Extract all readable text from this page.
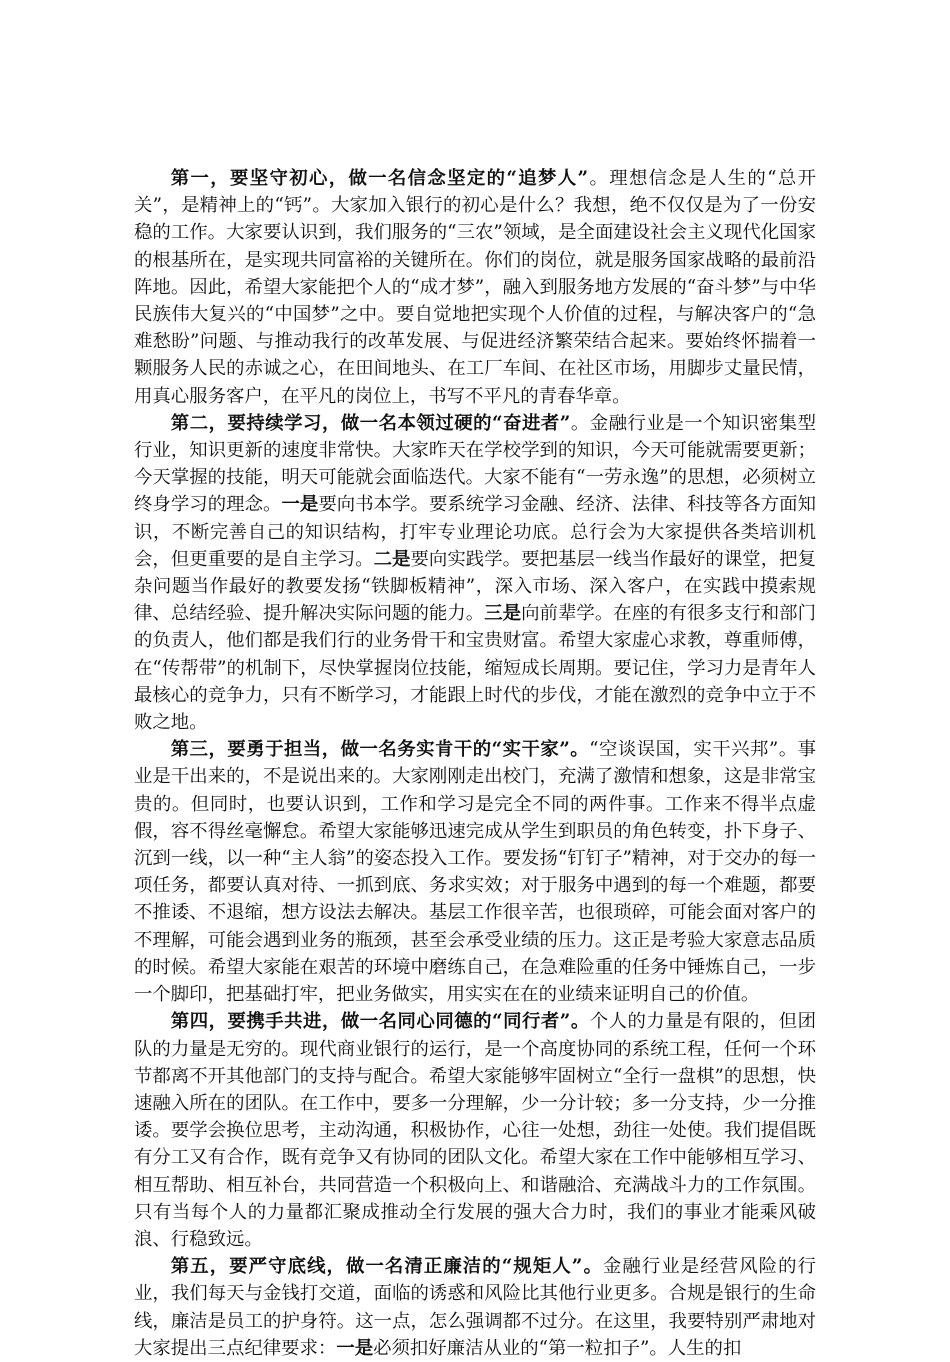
第一，要坚守初心，做一名信念坚定的“追梦人”。理想信念是人生的“总开关”，是精神上的“钙”。大家加入银行的初心是什么？我想，绝不仅仅是为了一份安稳的工作。大家要认识到，我们服务的“三农”领域，是全面建设社会主义现代化国家的根基所在，是实现共同富裕的关键所在。你们的岗位，就是服务国家战略的最前沿阵地。因此，希望大家能把个人的“成才梦”，融入到服务地方发展的“奋斗梦”与中华民族伟大复兴的“中国梦”之中。要自觉地把实现个人价值的过程，与解决客户的“急难愁盼”问题、与推动我行的改革发展、与促进经济繁荣结合起来。要始终怀揣着一颗服务人民的赤诚之心，在田间地头、在工厂车间、在社区市场，用脚步丈量民情，用真心服务客户，在平凡的岗位上，书写不平凡的青春华章。

第二，要持续学习，做一名本领过硬的“奋进者”。金融行业是一个知识密集型行业，知识更新的速度非常快。大家昨天在学校学到的知识，今天可能就需要更新；今天掌握的技能，明天可能就会面临迭代。大家不能有“一劳永逸”的思想，必须树立终身学习的理念。一是要向书本学。要系统学习金融、经济、法律、科技等各方面知识，不断完善自己的知识结构，打牢专业理论功底。总行会为大家提供各类培训机会，但更重要的是自主学习。二是要向实践学。要把基层一线当作最好的课堂，把复杂问题当作最好的教要发扬“铁脚板精神”，深入市场、深入客户，在实践中摸索规律、总结经验、提升解决实际问题的能力。三是向前辈学。在座的有很多支行和部门的负责人，他们都是我们行的业务骨干和宝贵财富。希望大家虚心求教，尊重师傅，在“传帮带”的机制下，尽快掌握岗位技能，缩短成长周期。要记住，学习力是青年人最核心的竞争力，只有不断学习，才能跟上时代的步伐，才能在激烈的竞争中立于不败之地。

第三，要勇于担当，做一名务实肯干的“实干家”。“空谈误国，实干兴邦”。事业是干出来的，不是说出来的。大家刚刚走出校门，充满了激情和想象，这是非常宝贵的。但同时，也要认识到，工作和学习是完全不同的两件事。工作来不得半点虚假，容不得丝毫懈怠。希望大家能够迅速完成从学生到职员的角色转变，扑下身子、沉到一线，以一种“主人翁”的姿态投入工作。要发扬“钉钉子”精神，对于交办的每一项任务，都要认真对待、一抓到底、务求实效；对于服务中遇到的每一个难题，都要不推诿、不退缩，想方设法去解决。基层工作很辛苦，也很琐碎，可能会面对客户的不理解，可能会遇到业务的瓶颈，甚至会承受业绩的压力。这正是考验大家意志品质的时候。希望大家能在艰苦的环境中磨练自己，在急难险重的任务中锤炼自己，一步一个脚印，把基础打牢，把业务做实，用实实在在的业绩来证明自己的价值。

第四，要携手共进，做一名同心同德的“同行者”。个人的力量是有限的，但团队的力量是无穷的。现代商业银行的运行，是一个高度协同的系统工程，任何一个环节都离不开其他部门的支持与配合。希望大家能够牢固树立“全行一盘棋”的思想，快速融入所在的团队。在工作中，要多一分理解，少一分计较；多一分支持，少一分推诿。要学会换位思考，主动沟通，积极协作，心往一处想，劲往一处使。我们提倡既有分工又有合作，既有竞争又有协同的团队文化。希望大家在工作中能够相互学习、相互帮助、相互补台，共同营造一个积极向上、和谐融洽、充满战斗力的工作氛围。只有当每个人的力量都汇聚成推动全行发展的强大合力时，我们的事业才能乘风破浪、行稳致远。

第五，要严守底线，做一名清正廉洁的“规矩人”。金融行业是经营风险的行业，我们每天与金钱打交道，面临的诱惑和风险比其他行业更多。合规是银行的生命线，廉洁是员工的护身符。这一点，怎么强调都不过分。在这里，我要特别严肃地对大家提出三点纪律要求：一是必须扣好廉洁从业的“第一粒扣子”。人生的扣
